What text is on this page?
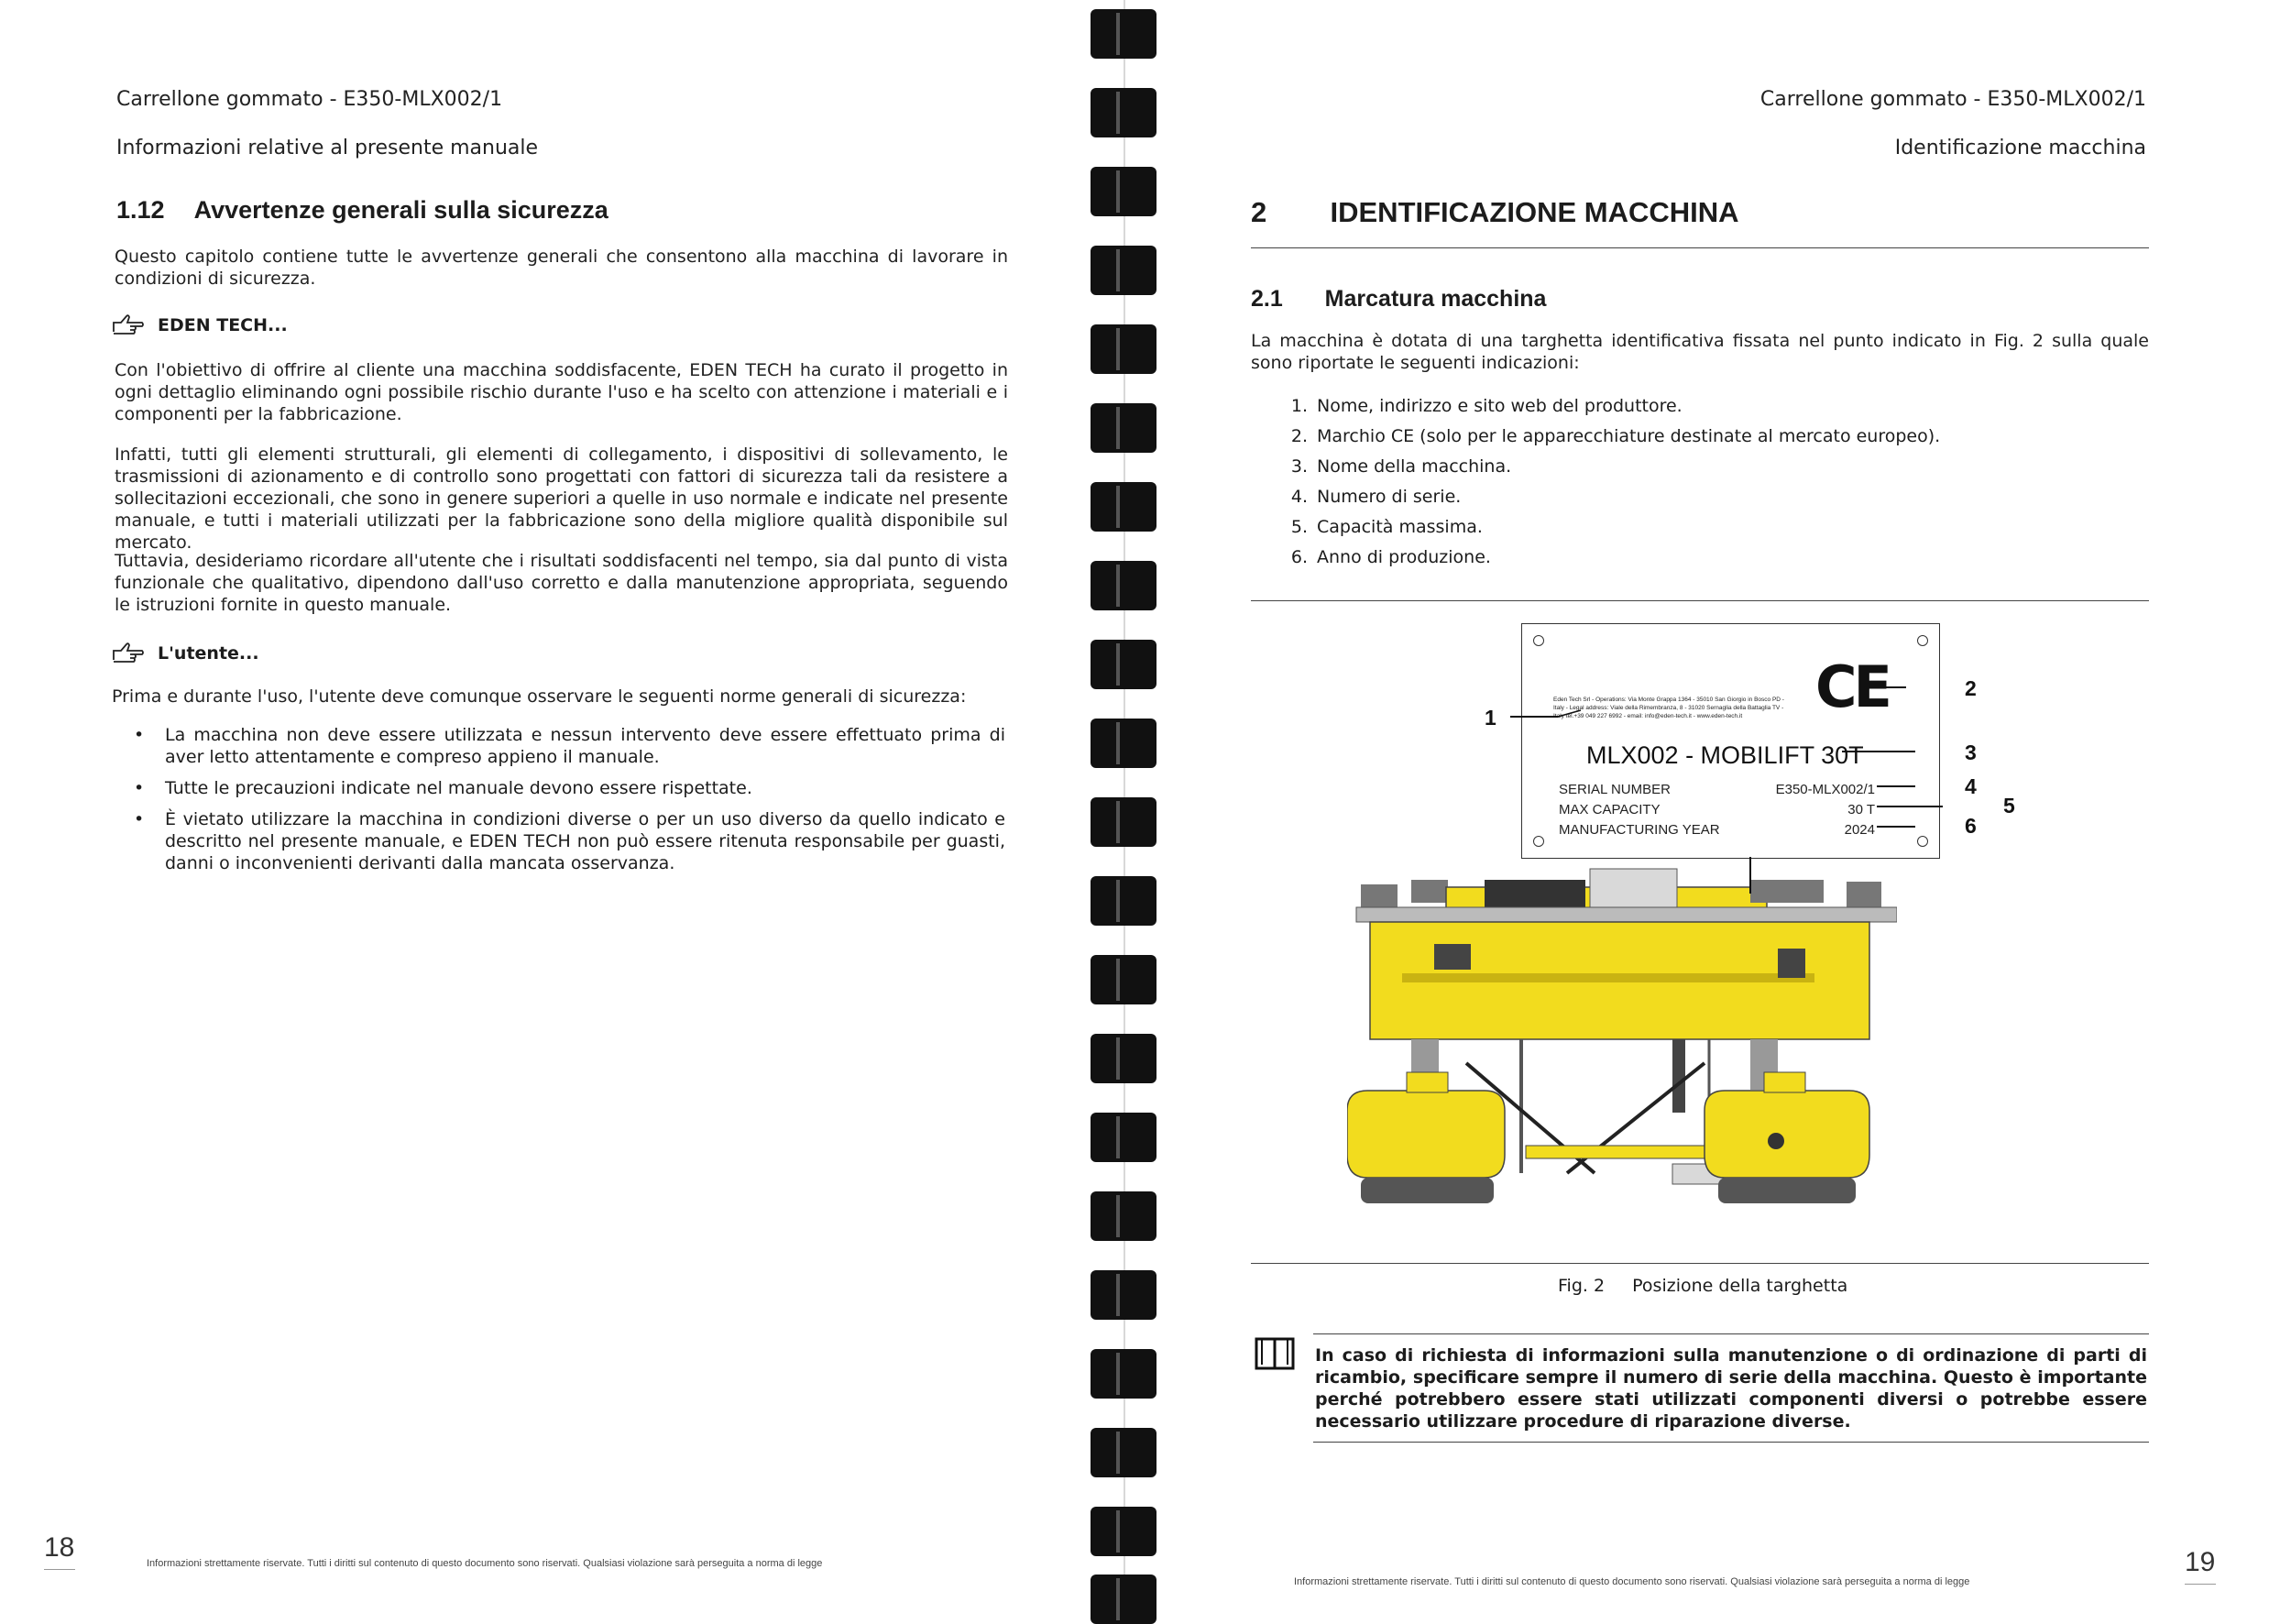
Carrellone gommato - E350-MLX002/1
Informazioni relative al presente manuale
1.12 Avvertenze generali sulla sicurezza
Questo capitolo contiene tutte le avvertenze generali che consentono alla macchina di lavorare in condizioni di sicurezza.
EDEN TECH...
Con l'obiettivo di offrire al cliente una macchina soddisfacente, EDEN TECH ha curato il progetto in ogni dettaglio eliminando ogni possibile rischio durante l'uso e ha scelto con attenzione i materiali e i componenti per la fabbricazione.
Infatti, tutti gli elementi strutturali, gli elementi di collegamento, i dispositivi di sollevamento, le trasmissioni di azionamento e di controllo sono progettati con fattori di sicurezza tali da resistere a sollecitazioni eccezionali, che sono in genere superiori a quelle in uso normale e indicate nel presente manuale, e tutti i materiali utilizzati per la fabbricazione sono della migliore qualità disponibile sul mercato.
Tuttavia, desideriamo ricordare all'utente che i risultati soddisfacenti nel tempo, sia dal punto di vista funzionale che qualitativo, dipendono dall'uso corretto e dalla manutenzione appropriata, seguendo le istruzioni fornite in questo manuale.
L'utente...
Prima e durante l'uso, l'utente deve comunque osservare le seguenti norme generali di sicurezza:
• La macchina non deve essere utilizzata e nessun intervento deve essere effettuato prima di aver letto attentamente e compreso appieno il manuale.
• Tutte le precauzioni indicate nel manuale devono essere rispettate.
• È vietato utilizzare la macchina in condizioni diverse o per un uso diverso da quello indicato e descritto nel presente manuale, e EDEN TECH non può essere ritenuta responsabile per guasti, danni o inconvenienti derivanti dalla mancata osservanza.
18
Informazioni strettamente riservate. Tutti i diritti sul contenuto di questo documento sono riservati. Qualsiasi violazione sarà perseguita a norma di legge
Carrellone gommato - E350-MLX002/1
Identificazione macchina
2 IDENTIFICAZIONE MACCHINA
2.1 Marcatura macchina
La macchina è dotata di una targhetta identificativa fissata nel punto indicato in Fig. 2 sulla quale sono riportate le seguenti indicazioni:
1. Nome, indirizzo e sito web del produttore.
2. Marchio CE (solo per le apparecchiature destinate al mercato europeo).
3. Nome della macchina.
4. Numero di serie.
5. Capacità massima.
6. Anno di produzione.
Eden Tech Srl - Operations: Via Monte Grappa 1364 - 35010 San Giorgio in Bosco PD - Italy - Legal address: Viale della Rimembranza, 8 - 31020 Sernaglia della Battaglia TV - Italy tel.+39 049 227 6992 - email: info@eden-tech.it - www.eden-tech.it	CE
MLX002 - MOBILIFT 30T
SERIAL NUMBER	E350-MLX002/1
MAX CAPACITY	30 T
MANUFACTURING YEAR	2024
1
2
3
4
5
6
Fig. 2 Posizione della targhetta
In caso di richiesta di informazioni sulla manutenzione o di ordinazione di parti di ricambio, specificare sempre il numero di serie della macchina. Questo è importante perché potrebbero essere stati utilizzati componenti diversi o potrebbe essere necessario utilizzare procedure di riparazione diverse.
Informazioni strettamente riservate. Tutti i diritti sul contenuto di questo documento sono riservati. Qualsiasi violazione sarà perseguita a norma di legge
19
